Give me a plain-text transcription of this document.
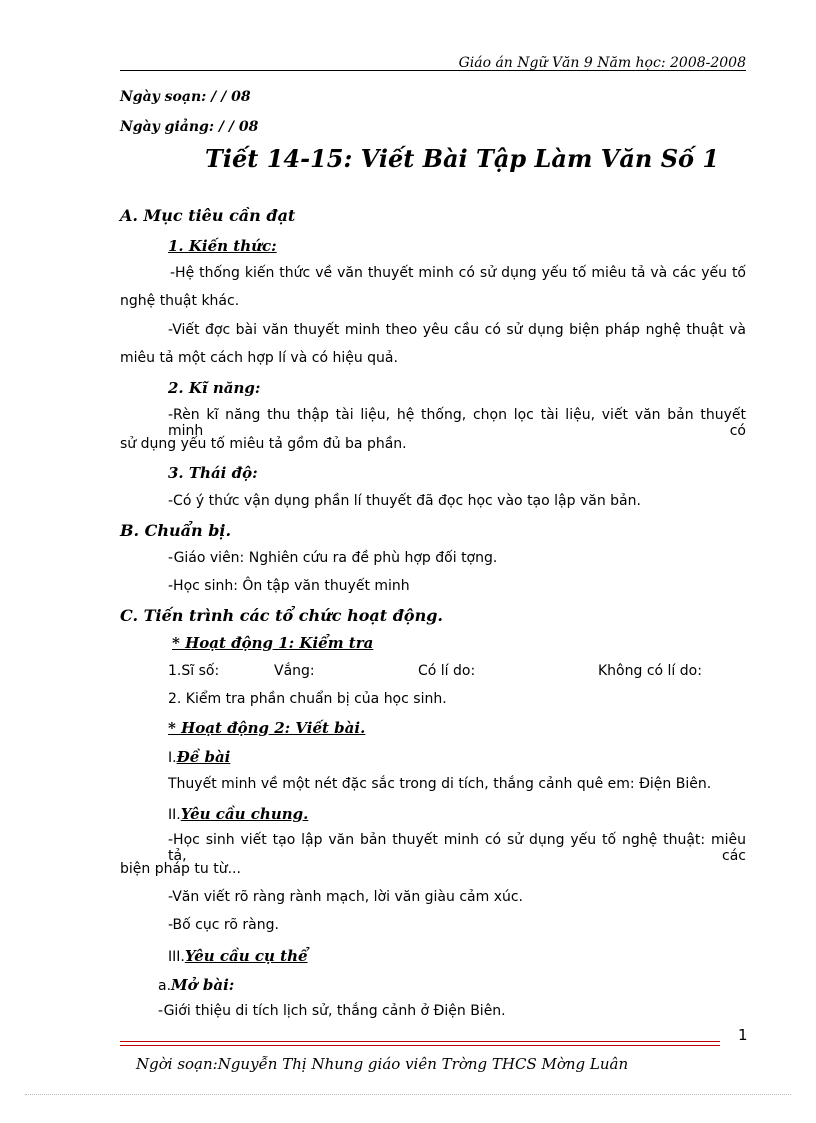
Giáo án Ngữ Văn 9 Năm học: 2008-2008
Ngày soạn: / / 08
Ngày giảng: / / 08
Tiết 14-15: Viết Bài Tập Làm Văn Số 1
A. Mục tiêu cần đạt
1. Kiến thức:
-Hệ thống kiến thức về văn thuyết minh có sử dụng yếu tố miêu tả và các yếu tố
nghệ thuật khác.
-Viết đợc bài văn thuyết minh theo yêu cầu có sử dụng biện pháp nghệ thuật và
miêu tả một cách hợp lí và có hiệu quả.
2. Kĩ năng:
-Rèn kĩ năng thu thập tài liệu, hệ thống, chọn lọc tài liệu, viết văn bản thuyết minh có
sử dụng yếu tố miêu tả gồm đủ ba phần.
3. Thái độ:
-Có ý thức vận dụng phần lí thuyết đã đọc học vào tạo lập văn bản.
B. Chuẩn bị.
-Giáo viên: Nghiên cứu ra đề phù hợp đối tợng.
-Học sinh: Ôn tập văn thuyết minh
C. Tiến trình các tổ chức hoạt động.
* Hoạt động 1: Kiểm tra
1.Sĩ số:	Vắng:	Có lí do:	Không có lí do:
2. Kiểm tra phần chuẩn bị của học sinh.
* Hoạt động 2: Viết bài.
I.Đề bài
Thuyết minh về một nét đặc sắc trong di tích, thắng cảnh quê em: Điện Biên.
II.Yêu cầu chung.
-Học sinh viết tạo lập văn bản thuyết minh có sử dụng yếu tố nghệ thuật: miêu tả, các
biện pháp tu từ...
-Văn viết rõ ràng rành mạch, lời văn giàu cảm xúc.
-Bố cục rõ ràng.
III.Yêu cầu cụ thể
a.Mở bài:
-Giới thiệu di tích lịch sử, thắng cảnh ở Điện Biên.
1
Ngời soạn:Nguyễn Thị Nhung giáo viên Trờng THCS Mờng Luân
